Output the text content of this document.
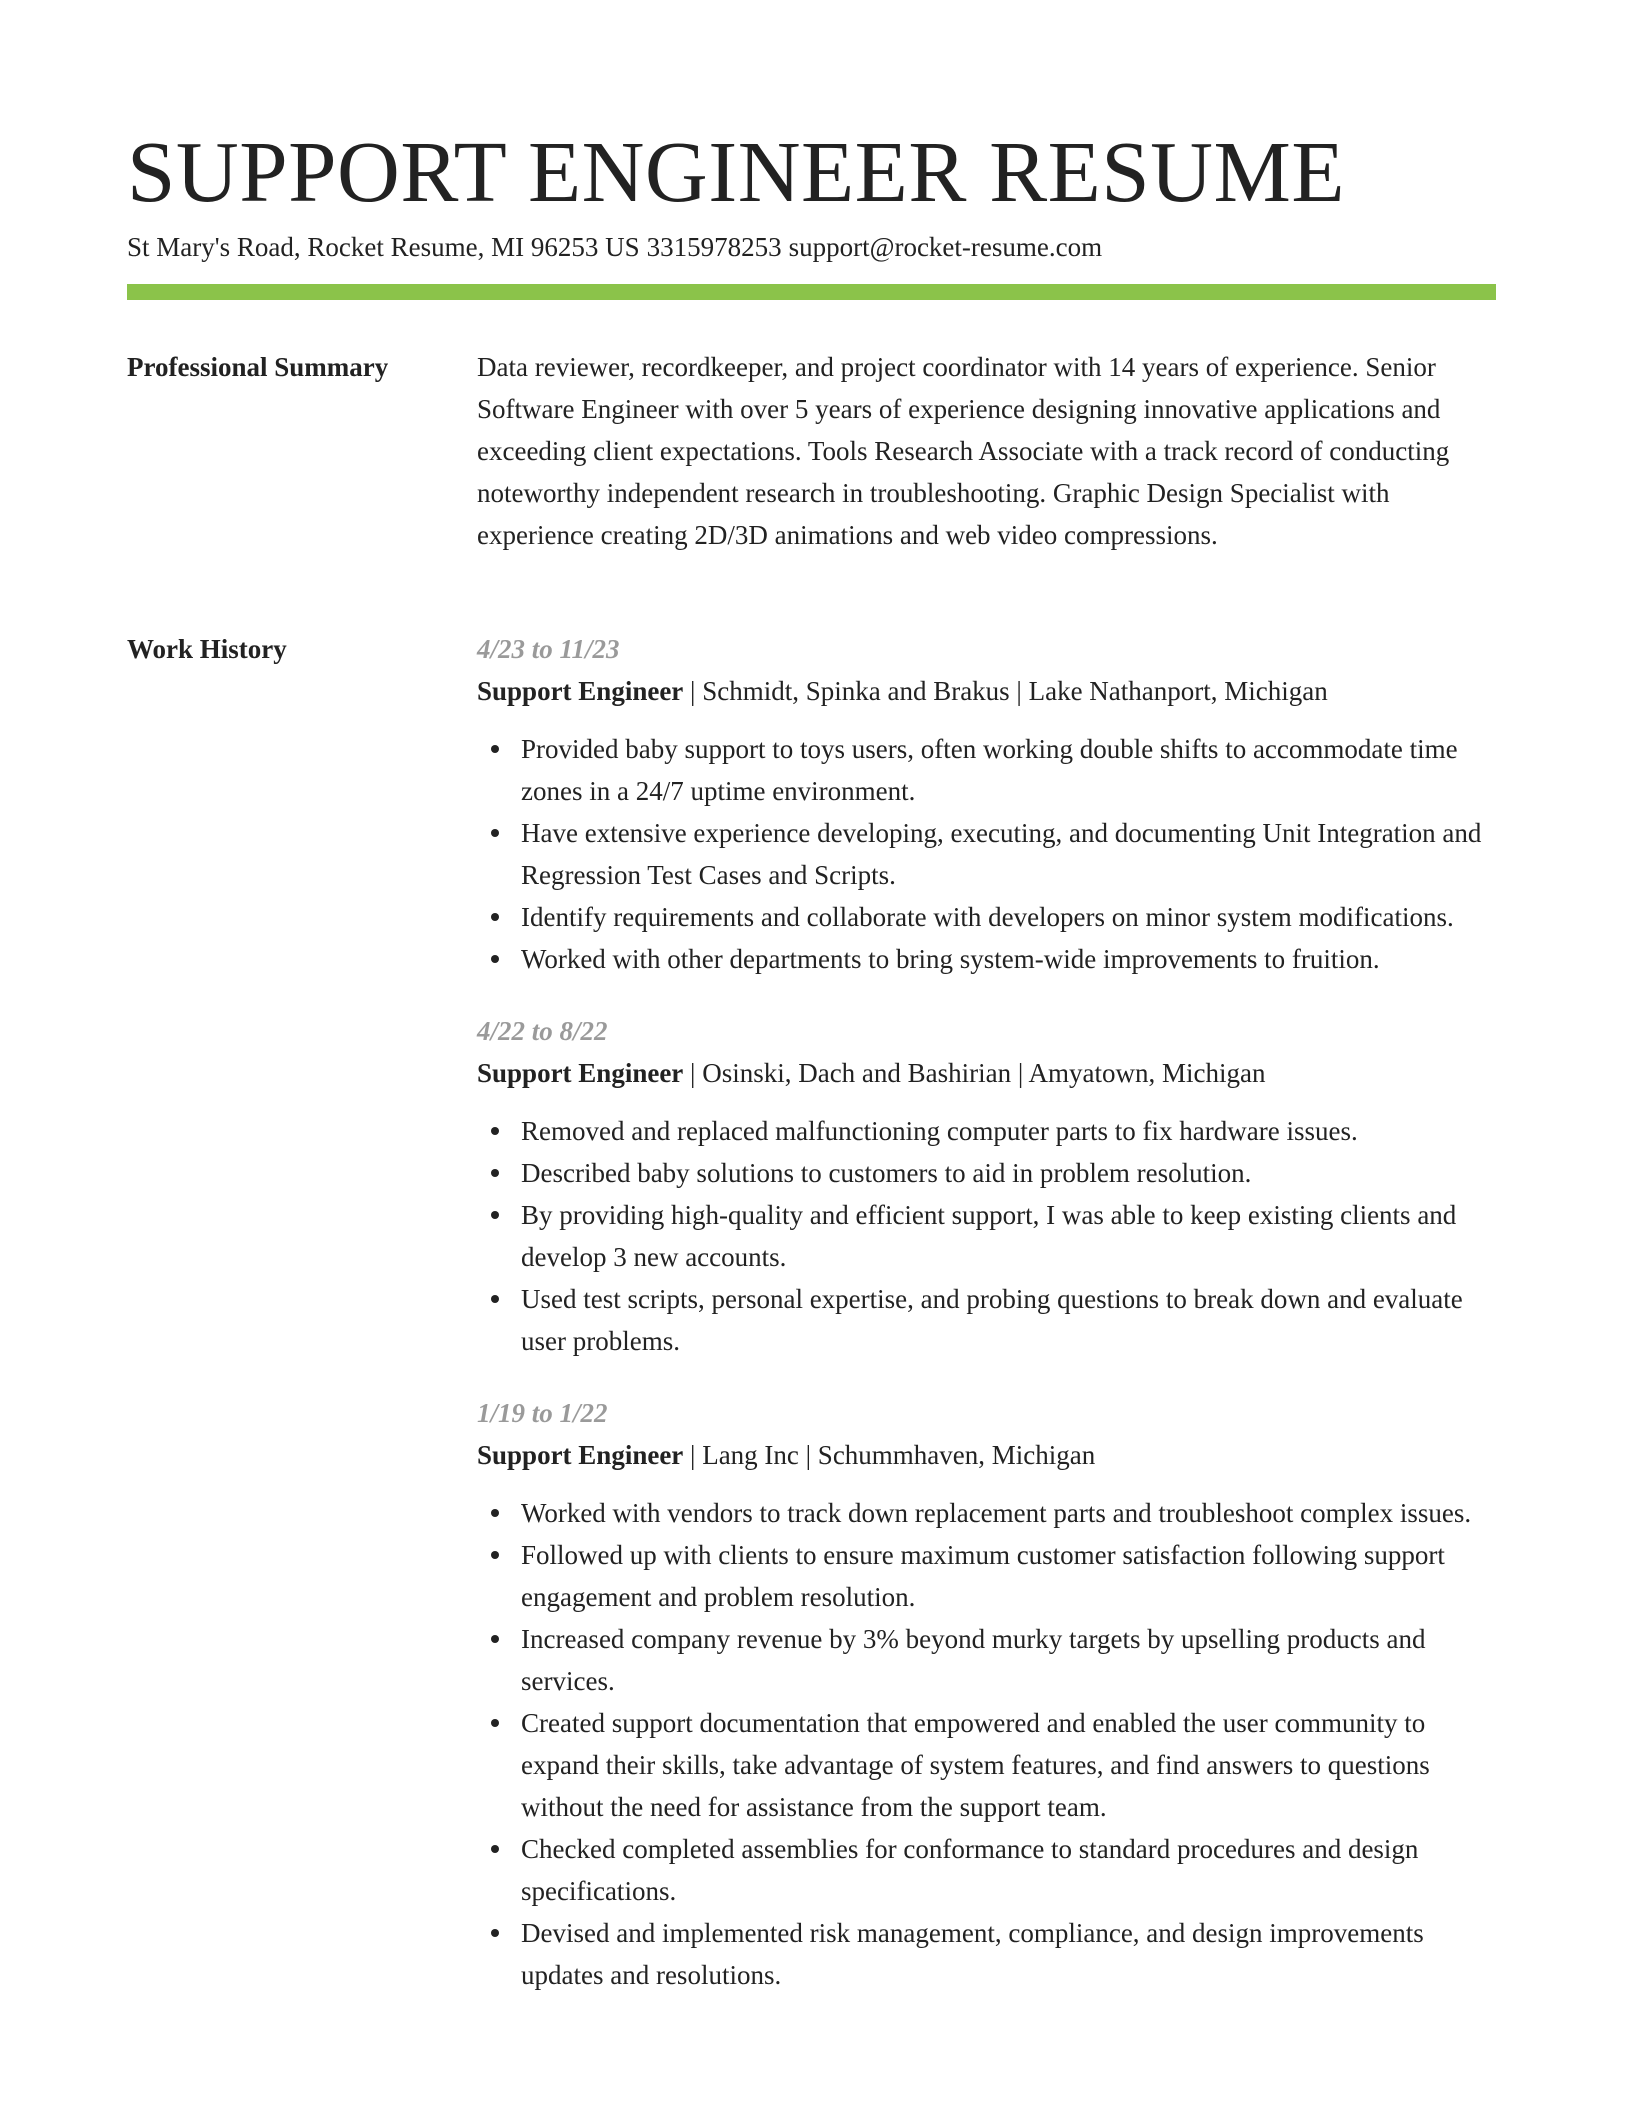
SUPPORT ENGINEER RESUME
St Mary's Road, Rocket Resume, MI 96253 US 3315978253 support@rocket-resume.com
Professional Summary	Data reviewer, recordkeeper, and project coordinator with 14 years of experience. Senior Software Engineer with over 5 years of experience designing innovative applications and exceeding client expectations. Tools Research Associate with a track record of conducting noteworthy independent research in troubleshooting. Graphic Design Specialist with experience creating 2D/3D animations and web video compressions.

Work History	4/23 to 11/23
Support Engineer | Schmidt, Spinka and Brakus | Lake Nathanport, Michigan
Provided baby support to toys users, often working double shifts to accommodate time zones in a 24/7 uptime environment.
Have extensive experience developing, executing, and documenting Unit Integration and Regression Test Cases and Scripts.
Identify requirements and collaborate with developers on minor system modifications.
Worked with other departments to bring system-wide improvements to fruition.
4/22 to 8/22
Support Engineer | Osinski, Dach and Bashirian | Amyatown, Michigan
Removed and replaced malfunctioning computer parts to fix hardware issues.
Described baby solutions to customers to aid in problem resolution.
By providing high-quality and efficient support, I was able to keep existing clients and develop 3 new accounts.
Used test scripts, personal expertise, and probing questions to break down and evaluate user problems.
1/19 to 1/22
Support Engineer | Lang Inc | Schummhaven, Michigan
Worked with vendors to track down replacement parts and troubleshoot complex issues.
Followed up with clients to ensure maximum customer satisfaction following support engagement and problem resolution.
Increased company revenue by 3% beyond murky targets by upselling products and services.
Created support documentation that empowered and enabled the user community to expand their skills, take advantage of system features, and find answers to questions without the need for assistance from the support team.
Checked completed assemblies for conformance to standard procedures and design specifications.
Devised and implemented risk management, compliance, and design improvements updates and resolutions.
